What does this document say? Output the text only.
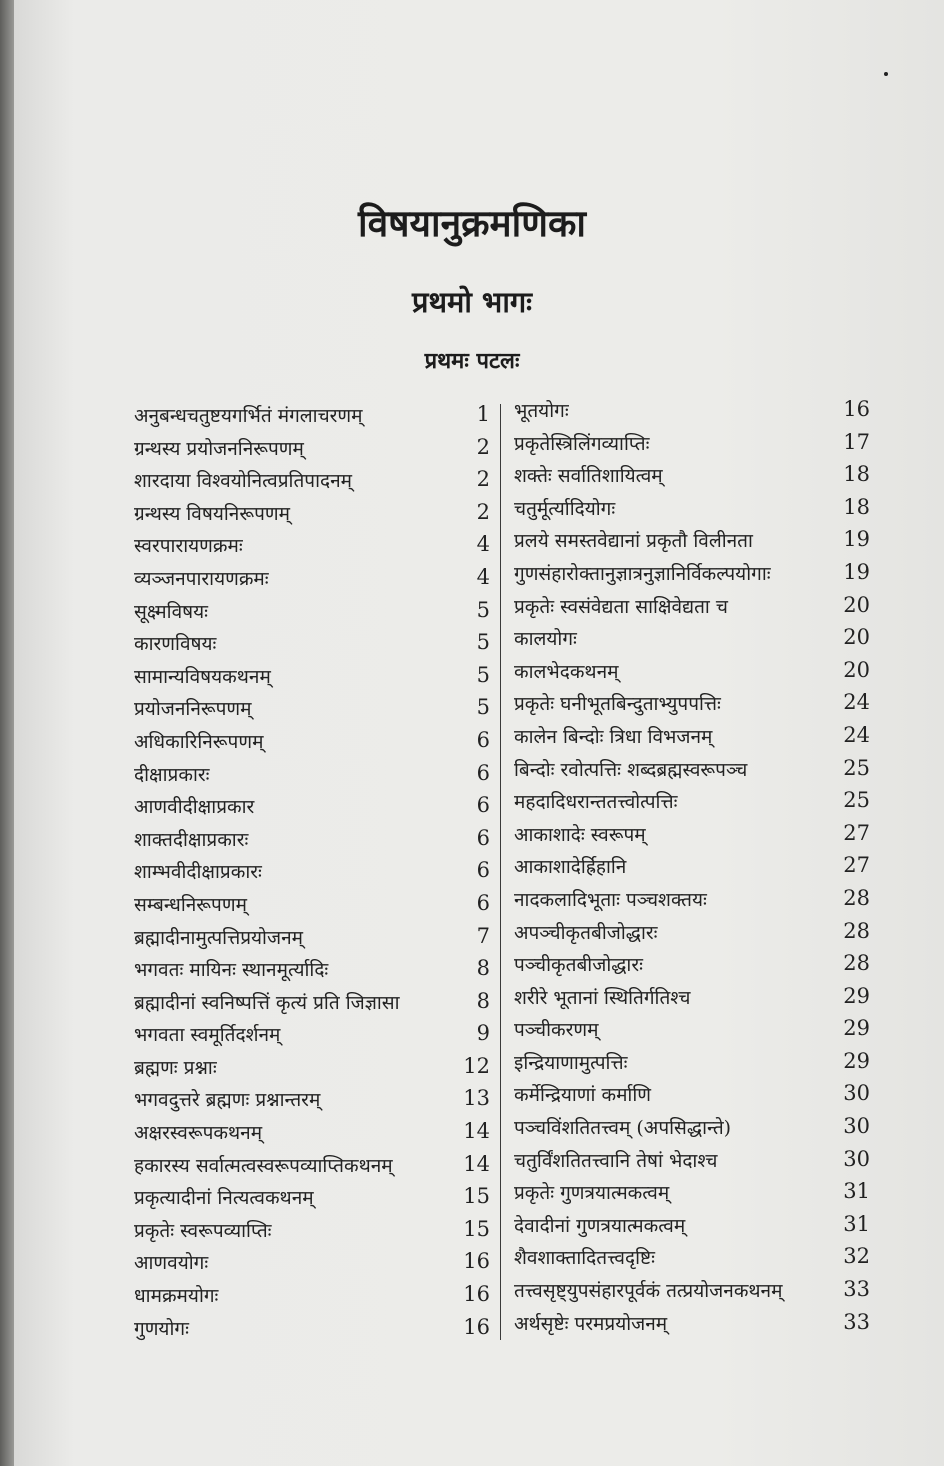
विषयानुक्रमणिका
प्रथमो भागः
प्रथमः पटलः
अनुबन्धचतुष्टयगर्भितं मंगलाचरणम्	1
ग्रन्थस्य प्रयोजननिरूपणम्	2
शारदाया विश्वयोनित्वप्रतिपादनम्	2
ग्रन्थस्य विषयनिरूपणम्	2
स्वरपारायणक्रमः	4
व्यञ्जनपारायणक्रमः	4
सूक्ष्मविषयः	5
कारणविषयः	5
सामान्यविषयकथनम्	5
प्रयोजननिरूपणम्	5
अधिकारिनिरूपणम्	6
दीक्षाप्रकारः	6
आणवीदीक्षाप्रकार	6
शाक्तदीक्षाप्रकारः	6
शाम्भवीदीक्षाप्रकारः	6
सम्बन्धनिरूपणम्	6
ब्रह्मादीनामुत्पत्तिप्रयोजनम्	7
भगवतः मायिनः स्थानमूर्त्यादिः	8
ब्रह्मादीनां स्वनिष्पत्तिं कृत्यं प्रति जिज्ञासा	8
भगवता स्वमूर्तिदर्शनम्	9
ब्रह्मणः प्रश्नाः	12
भगवदुत्तरे ब्रह्मणः प्रश्नान्तरम्	13
अक्षरस्वरूपकथनम्	14
हकारस्य सर्वात्मत्वस्वरूपव्याप्तिकथनम्	14
प्रकृत्यादीनां नित्यत्वकथनम्	15
प्रकृतेः स्वरूपव्याप्तिः	15
आणवयोगः	16
धामक्रमयोगः	16
गुणयोगः	16
भूतयोगः	16
प्रकृतेस्त्रिलिंगव्याप्तिः	17
शक्तेः सर्वातिशायित्वम्	18
चतुर्मूर्त्यादियोगः	18
प्रलये समस्तवेद्यानां प्रकृतौ विलीनता	19
गुणसंहारोक्तानुज्ञात्रनुज्ञानिर्विकल्पयोगाः	19
प्रकृतेः स्वसंवेद्यता साक्षिवेद्यता च	20
कालयोगः	20
कालभेदकथनम्	20
प्रकृतेः घनीभूतबिन्दुताभ्युपपत्तिः	24
कालेन बिन्दोः त्रिधा विभजनम्	24
बिन्दोः रवोत्पत्तिः शब्दब्रह्मस्वरूपञ्च	25
महदादिधरान्ततत्त्वोत्पत्तिः	25
आकाशादेः स्वरूपम्	27
आकाशादेर्ह्रिहानि	27
नादकलादिभूताः पञ्चशक्तयः	28
अपञ्चीकृतबीजोद्धारः	28
पञ्चीकृतबीजोद्धारः	28
शरीरे भूतानां स्थितिर्गतिश्च	29
पञ्चीकरणम्	29
इन्द्रियाणामुत्पत्तिः	29
कर्मेन्द्रियाणां कर्माणि	30
पञ्चविंशतितत्त्वम् (अपसिद्धान्ते)	30
चतुर्विंशतितत्त्वानि तेषां भेदाश्च	30
प्रकृतेः गुणत्रयात्मकत्वम्	31
देवादीनां गुणत्रयात्मकत्वम्	31
शैवशाक्तादितत्त्वदृष्टिः	32
तत्त्वसृष्ट्युपसंहारपूर्वकं तत्प्रयोजनकथनम्	33
अर्थसृष्टेः परमप्रयोजनम्	33
